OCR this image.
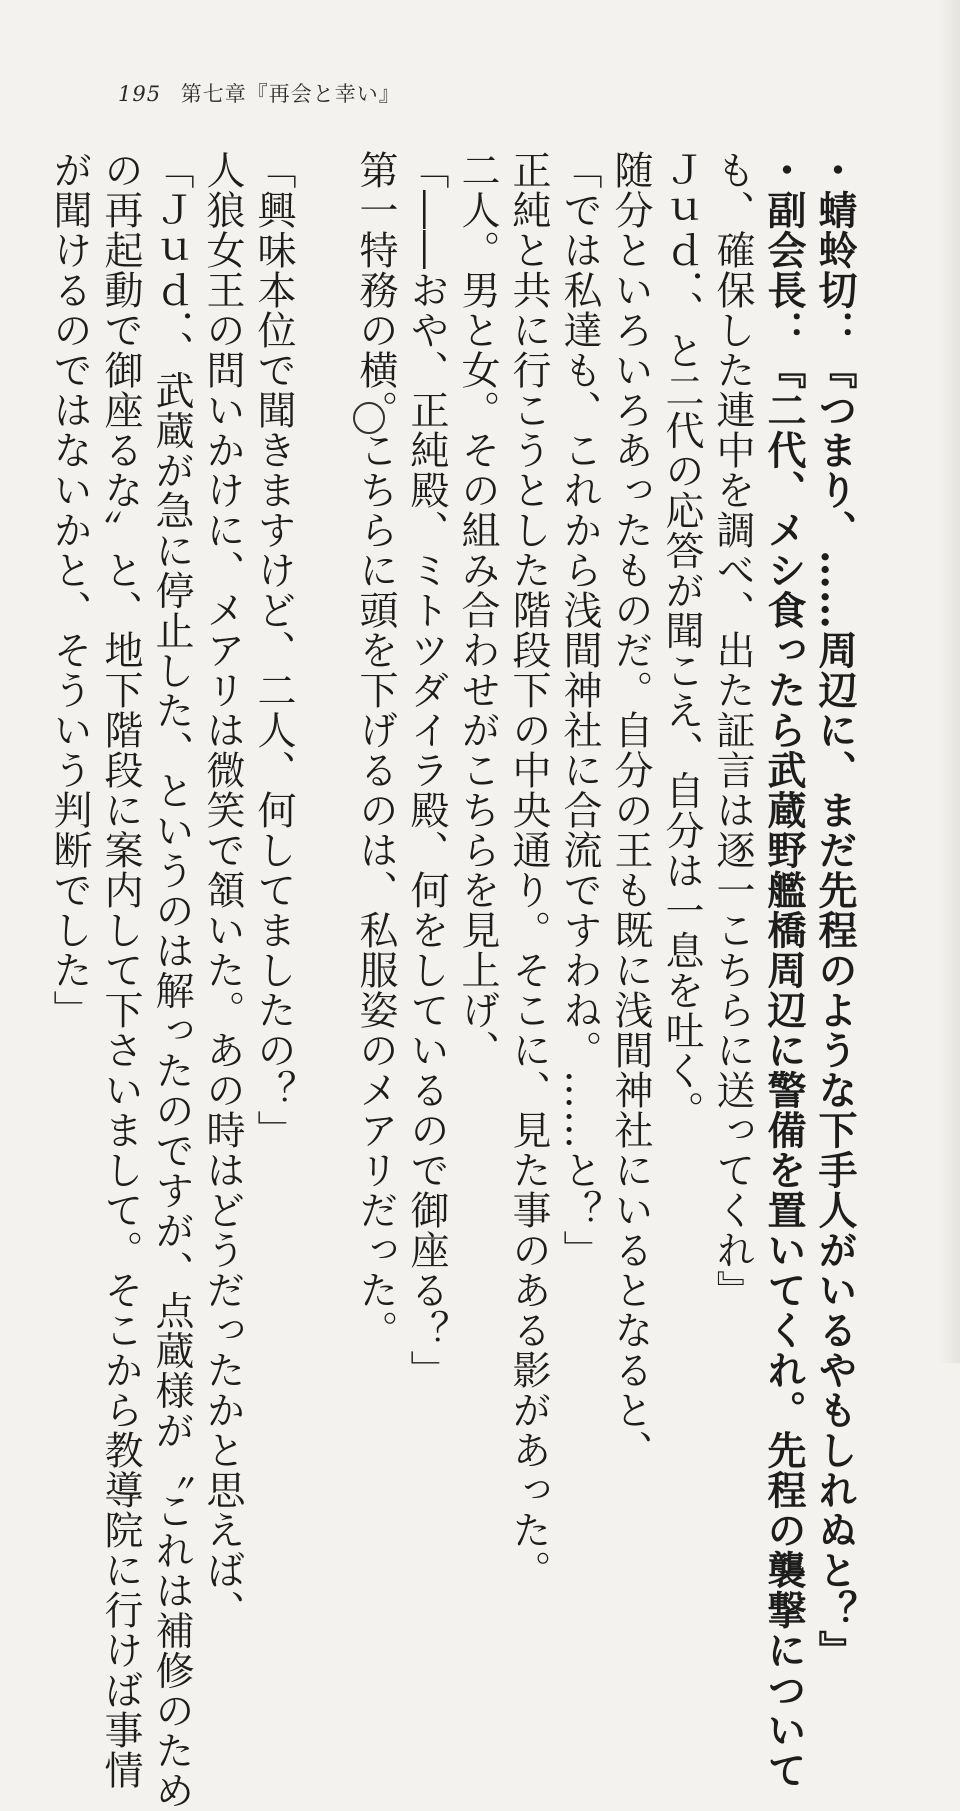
195 第七章『再会と幸い』

・蜻蛉切：『つまり、……周辺に、まだ先程のような下手人がいるやもしれぬと？』

・副会長：『二代、メシ食ったら武蔵野艦橋周辺に警備を置いてくれ。先程の襲撃について

も、確保した連中を調べ、出た証言は逐一こちらに送ってくれ』

Ｊｕｄ．、と二代の応答が聞こえ、自分は一息を吐く。

随分といろいろあったものだ。自分の王も既に浅間神社にいるとなると、

「では私達も、これから浅間神社に合流ですわね。……と？」

正純と共に行こうとした階段下の中央通り。そこに、見た事のある影があった。

二人。男と女。その組み合わせがこちらを見上げ、

「――おや、正純殿、ミトツダイラ殿、何をしているので御座る？」

第一特務の横。こちらに頭を下げるのは、私服姿のメアリだった。

「興味本位で聞きますけど、二人、何してましたの？」

人狼女王の問いかけに、メアリは微笑で頷いた。あの時はどうだったかと思えば、

「Ｊｕｄ．、武蔵が急に停止した、というのは解ったのですが、点蔵様が〝これは補修のため

の再起動で御座るな〟と、地下階段に案内して下さいまして。そこから教導院に行けば事情

が聞けるのではないかと、そういう判断でした」
